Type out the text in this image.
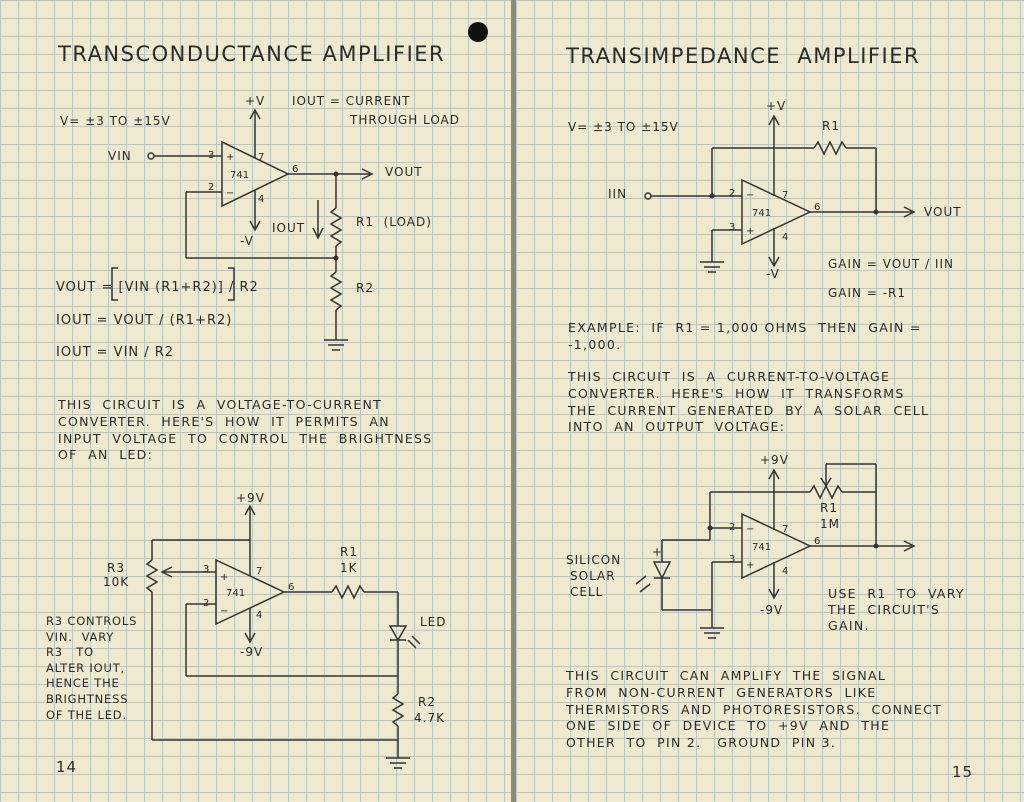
TRANSCONDUCTANCE AMPLIFIER
V= ±3 TO ±15V
+V IOUT = CURRENT
THROUGH LOAD
VIN
VOUT
IOUT	R1  (LOAD)
R2
-V
VOUT = [VIN (R1+R2)] / R2
IOUT = VOUT / (R1+R2)
IOUT = VIN / R2
THIS  CIRCUIT  IS  A  VOLTAGE-TO-CURRENT
CONVERTER.  HERE'S  HOW  IT  PERMITS  AN
INPUT  VOLTAGE  TO  CONTROL  THE  BRIGHTNESS
OF  AN  LED:
+9V
-9V
R3
10K
R1
1K
LED
R2
4.7K
R3 CONTROLS
VIN.  VARY
R3   TO
ALTER IOUT,
HENCE THE
BRIGHTNESS
OF THE LED.
14
741
+
−
3
2
7
4
6
741
+
−
3
2
7
4
6
TRANSIMPEDANCE  AMPLIFIER
V= ±3 TO ±15V
+V
-V
R1
IIN
VOUT
GAIN = VOUT / IIN
GAIN = -R1
EXAMPLE:  IF  R1 = 1,000 OHMS  THEN  GAIN =
-1,000.
THIS  CIRCUIT  IS  A  CURRENT-TO-VOLTAGE
CONVERTER.  HERE'S  HOW  IT  TRANSFORMS
THE  CURRENT  GENERATED  BY  A  SOLAR  CELL
INTO  AN  OUTPUT  VOLTAGE:
+9V
-9V
R1
1M
SILICON
SOLAR
CELL
+
USE  R1  TO  VARY
THE  CIRCUIT'S
GAIN.
THIS  CIRCUIT  CAN  AMPLIFY  THE  SIGNAL
FROM  NON-CURRENT  GENERATORS  LIKE
THERMISTORS  AND  PHOTORESISTORS.  CONNECT
ONE  SIDE  OF  DEVICE  TO  +9V  AND  THE
OTHER  TO  PIN 2.   GROUND  PIN 3.
15
741
−
+
2
3
7
4
6
741
−
+
2
3
7
4
6
